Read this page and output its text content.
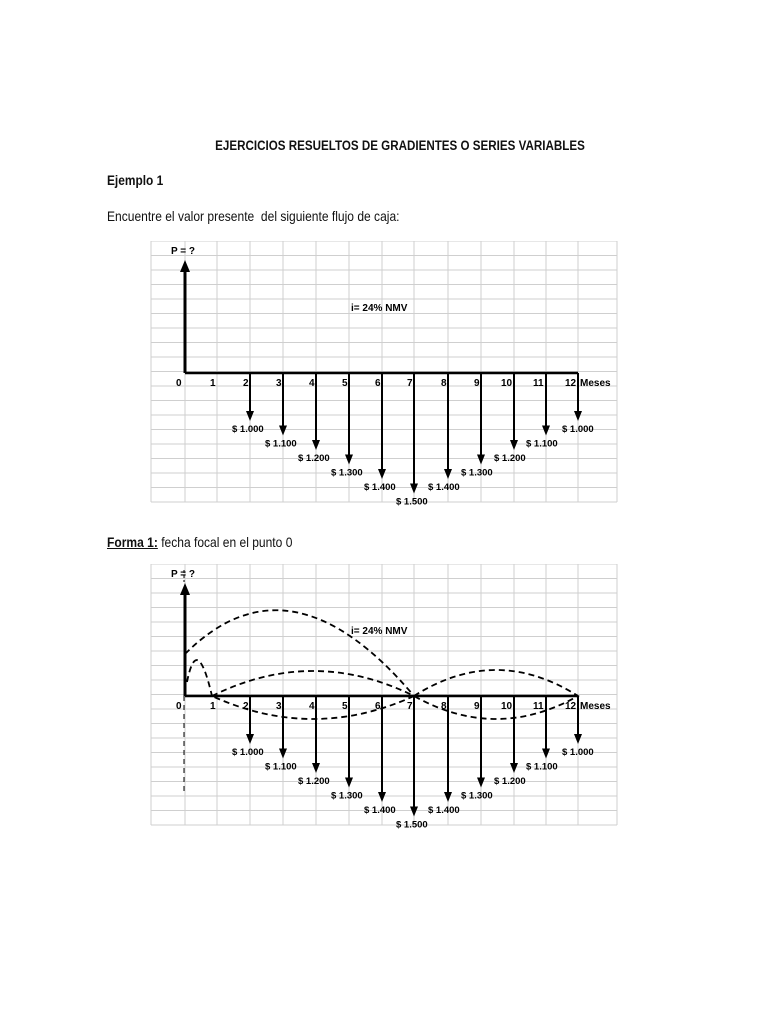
EJERCICIOS RESUELTOS DE GRADIENTES O SERIES VARIABLES
Ejemplo 1
Encuentre el valor presente  del siguiente flujo de caja:
P = ?
i= 24% NMV
0	1	2	3	4	5	6	7	8	9 10 11 12 Meses
$ 1.000
$ 1.100
$ 1.200
$ 1.300
$ 1.400
$ 1.500
$ 1.400
$ 1.300
$ 1.200
$ 1.100
$ 1.000
Forma 1: fecha focal en el punto 0
P = ?
i= 24% NMV
0	1	2	3	4	5	6	7	8	9 10 11 12 Meses
$ 1.000
$ 1.100
$ 1.200
$ 1.300
$ 1.400
$ 1.500
$ 1.400
$ 1.300
$ 1.200
$ 1.100
$ 1.000
